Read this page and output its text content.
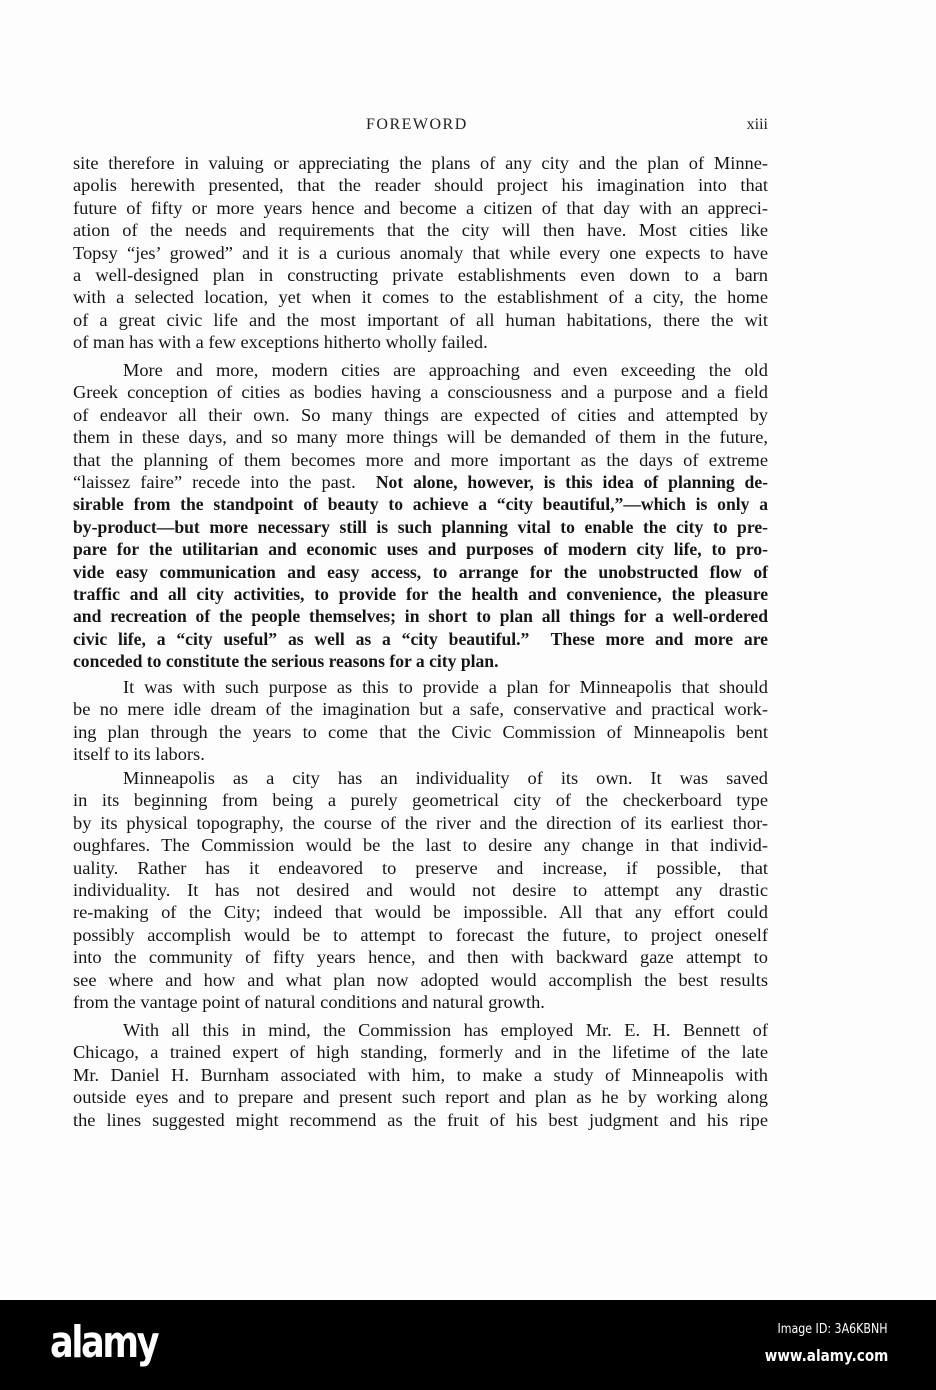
FOREWORD	xiii
site therefore in valuing or appreciating the plans of any city and the plan of Minne-
apolis herewith presented, that the reader should project his imagination into that
future of fifty or more years hence and become a citizen of that day with an appreci-
ation of the needs and requirements that the city will then have. Most cities like
Topsy “jes’ growed” and it is a curious anomaly that while every one expects to have
a well-designed plan in constructing private establishments even down to a barn
with a selected location, yet when it comes to the establishment of a city, the home
of a great civic life and the most important of all human habitations, there the wit
of man has with a few exceptions hitherto wholly failed.
More and more, modern cities are approaching and even exceeding the old
Greek conception of cities as bodies having a consciousness and a purpose and a field
of endeavor all their own. So many things are expected of cities and attempted by
them in these days, and so many more things will be demanded of them in the future,
that the planning of them becomes more and more important as the days of extreme
“laissez faire” recede into the past.  Not alone, however, is this idea of planning de-
sirable from the standpoint of beauty to achieve a “city beautiful,”—which is only a
by-product—but more necessary still is such planning vital to enable the city to pre-
pare for the utilitarian and economic uses and purposes of modern city life, to pro-
vide easy communication and easy access, to arrange for the unobstructed flow of
traffic and all city activities, to provide for the health and convenience, the pleasure
and recreation of the people themselves; in short to plan all things for a well-ordered
civic life, a “city useful” as well as a “city beautiful.”  These more and more are
conceded to constitute the serious reasons for a city plan.
It was with such purpose as this to provide a plan for Minneapolis that should
be no mere idle dream of the imagination but a safe, conservative and practical work-
ing plan through the years to come that the Civic Commission of Minneapolis bent
itself to its labors.
Minneapolis as a city has an individuality of its own. It was saved
in its beginning from being a purely geometrical city of the checkerboard type
by its physical topography, the course of the river and the direction of its earliest thor-
oughfares. The Commission would be the last to desire any change in that individ-
uality. Rather has it endeavored to preserve and increase, if possible, that
individuality. It has not desired and would not desire to attempt any drastic
re-making of the City; indeed that would be impossible. All that any effort could
possibly accomplish would be to attempt to forecast the future, to project oneself
into the community of fifty years hence, and then with backward gaze attempt to
see where and how and what plan now adopted would accomplish the best results
from the vantage point of natural conditions and natural growth.
With all this in mind, the Commission has employed Mr. E. H. Bennett of
Chicago, a trained expert of high standing, formerly and in the lifetime of the late
Mr. Daniel H. Burnham associated with him, to make a study of Minneapolis with
outside eyes and to prepare and present such report and plan as he by working along
the lines suggested might recommend as the fruit of his best judgment and his ripe
alamy	Image ID: 3A6KBNH
www.alamy.com
